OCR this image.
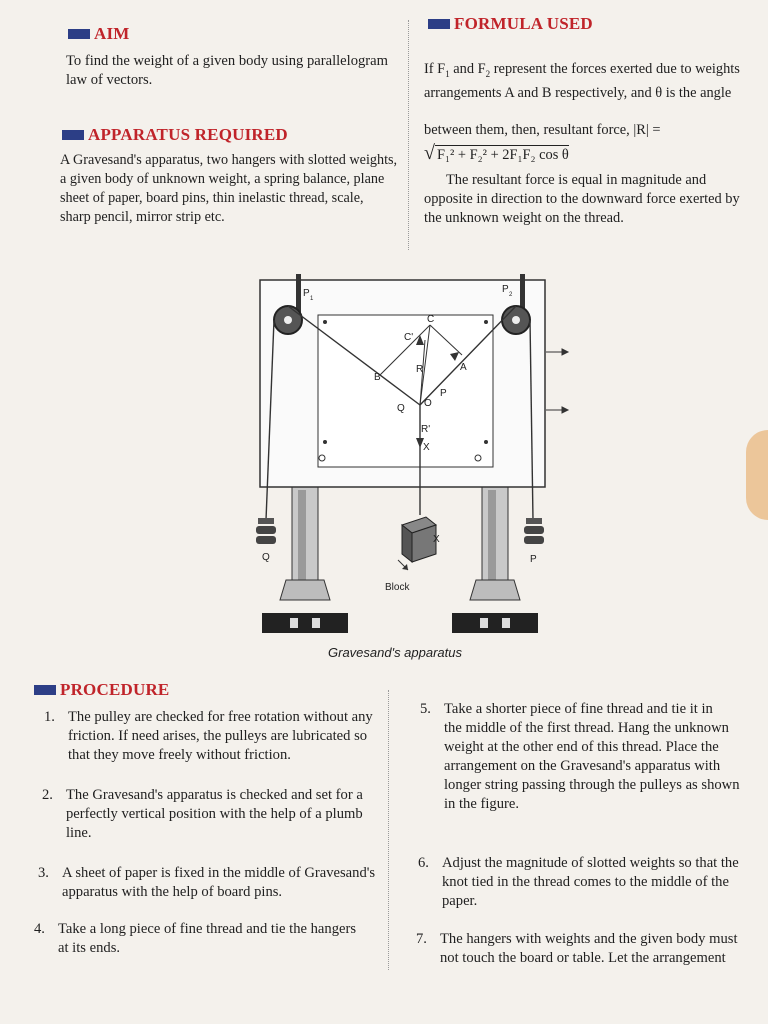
AIM
To find the weight of a given body using parallelogram
law of vectors.
APPARATUS REQUIRED
A Gravesand's apparatus, two hangers with slotted weights,
a given body of unknown weight, a spring balance, plane
sheet of paper, board pins, thin inelastic thread, scale,
sharp pencil, mirror strip etc.
FORMULA USED
If $F_1$ and $F_2$ represent the forces exerted due to weights
arrangements A and B respectively, and θ is the angle
between them, then, resultant force, |R| =
√ F₁² + F₂² + 2F₁F₂ cos θ
The resultant force is equal in magnitude and
opposite in direction to the downward force exerted by
the unknown weight on the thread.
P 1
P 2
A
B
C
C'
R
R'
O
P
Q
X
X
Q	P
Block
Gravesand's apparatus
PROCEDURE
1. The pulley are checked for free rotation without any
friction. If need arises, the pulleys are lubricated so
that they move freely without friction.
2. The Gravesand's apparatus is checked and set for a
perfectly vertical position with the help of a plumb
line.
3. A sheet of paper is fixed in the middle of Gravesand's
apparatus with the help of board pins.
4. Take a long piece of fine thread and tie the hangers
at its ends.
5. Take a shorter piece of fine thread and tie it in
the middle of the first thread. Hang the unknown
weight at the other end of this thread. Place the
arrangement on the Gravesand's apparatus with
longer string passing through the pulleys as shown
in the figure.
6. Adjust the magnitude of slotted weights so that the
knot tied in the thread comes to the middle of the
paper.
7. The hangers with weights and the given body must
not touch the board or table. Let the arrangement
